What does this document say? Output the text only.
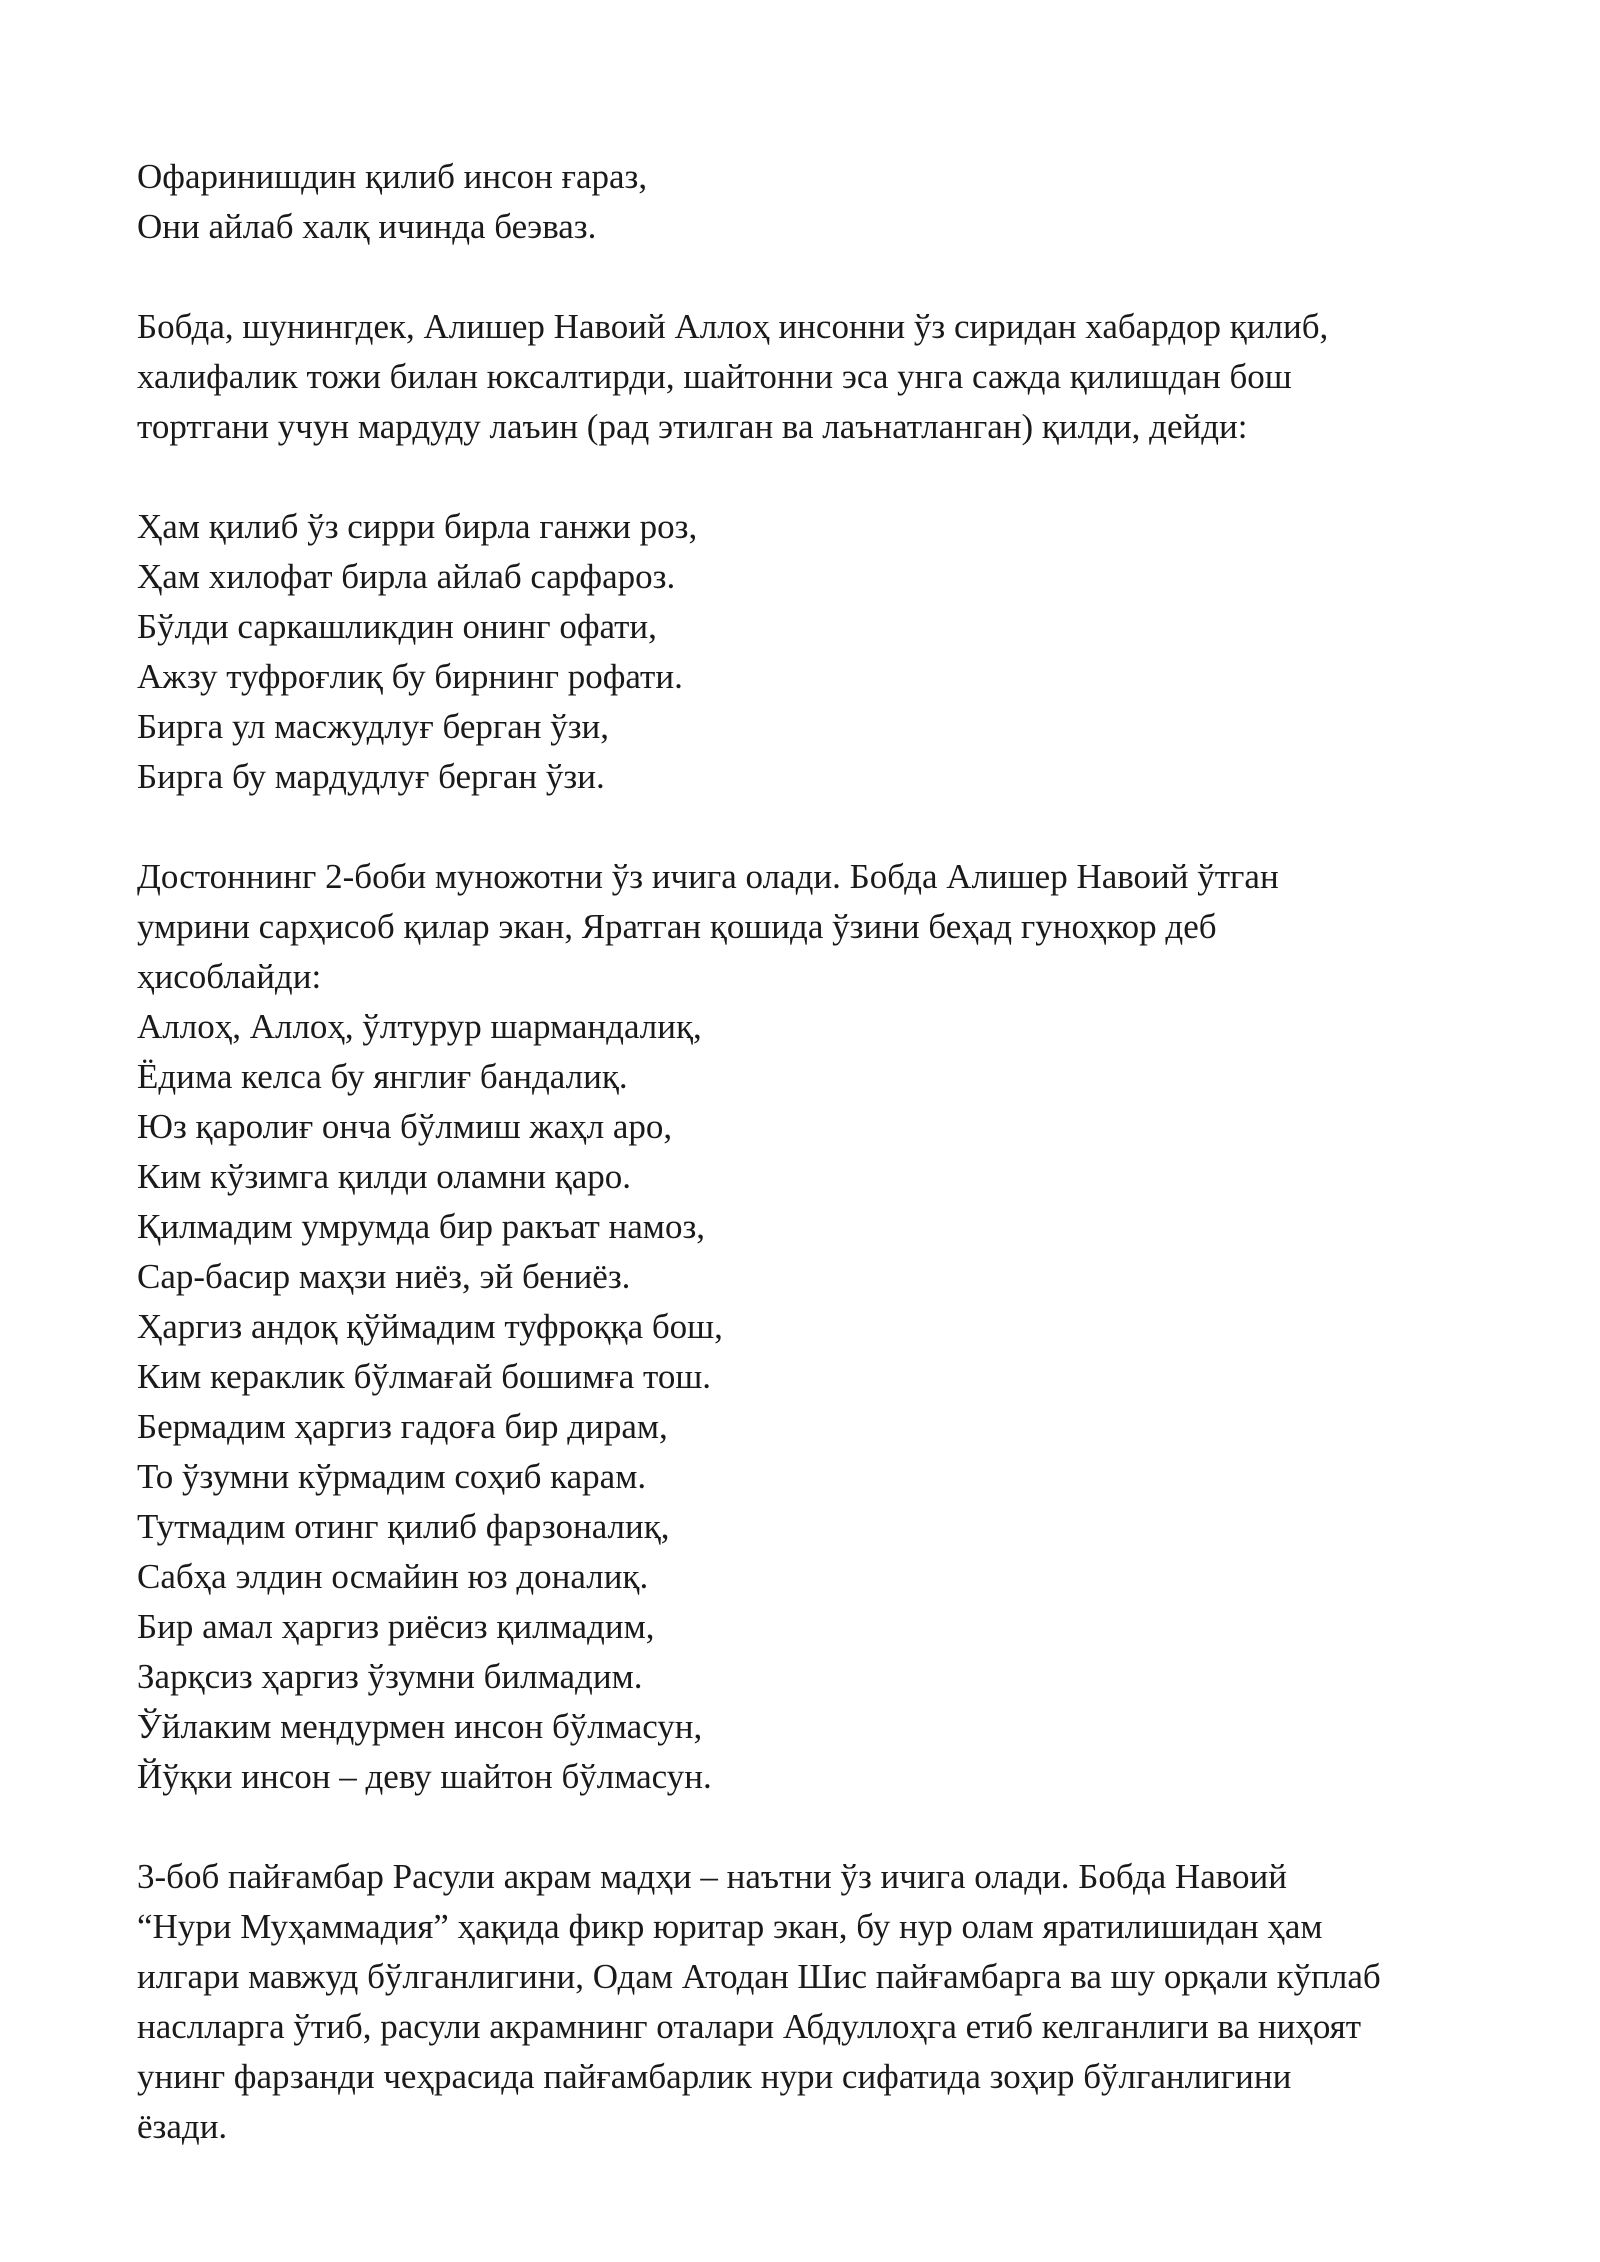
Офаринишдин қилиб инсон ғараз,
Они айлаб халқ ичинда беэваз.
Бобда, шунингдек, Алишер Навоий Аллоҳ инсонни ўз сиридан хабардор қилиб,
халифалик тожи билан юксалтирди, шайтонни эса унга сажда қилишдан бош
тортгани учун мардуду лаъин (рад этилган ва лаънатланган) қилди, дейди:
Ҳам қилиб ўз сирри бирла ганжи роз,
Ҳам хилофат бирла айлаб сарфароз.
Бўлди саркашликдин онинг офати,
Ажзу туфроғлиқ бу бирнинг рофати.
Бирга ул масжудлуғ берган ўзи,
Бирга бу мардудлуғ берган ўзи.
Достоннинг 2-боби муножотни ўз ичига олади. Бобда Алишер Навоий ўтган
умрини сарҳисоб қилар экан, Яратган қошида ўзини беҳад гуноҳкор деб
ҳисоблайди:
Аллоҳ, Аллоҳ, ўлтурур шармандалиқ,
Ёдима келса бу янглиғ бандалиқ.
Юз қаролиғ онча бўлмиш жаҳл аро,
Ким кўзимга қилди оламни қаро.
Қилмадим умрумда бир ракъат намоз,
Сар-басир маҳзи ниёз, эй бениёз.
Ҳаргиз андоқ қўймадим туфроққа бош,
Ким кераклик бўлмағай бошимға тош.
Бермадим ҳаргиз гадоға бир дирам,
То ўзумни кўрмадим соҳиб карам.
Тутмадим отинг қилиб фарзоналиқ,
Сабҳа элдин осмайин юз доналиқ.
Бир амал ҳаргиз риёсиз қилмадим,
Зарқсиз ҳаргиз ўзумни билмадим.
Ўйлаким мендурмен инсон бўлмасун,
Йўқки инсон – деву шайтон бўлмасун.
3-боб пайғамбар Расули акрам мадҳи – наътни ўз ичига олади. Бобда Навоий
“Нури Муҳаммадия” ҳақида фикр юритар экан, бу нур олам яратилишидан ҳам
илгари мавжуд бўлганлигини, Одам Атодан Шис пайғамбарга ва шу орқали кўплаб
наслларга ўтиб, расули акрамнинг оталари Абдуллоҳга етиб келганлиги ва ниҳоят
унинг фарзанди чеҳрасида пайғамбарлик нури сифатида зоҳир бўлганлигини
ёзади.
